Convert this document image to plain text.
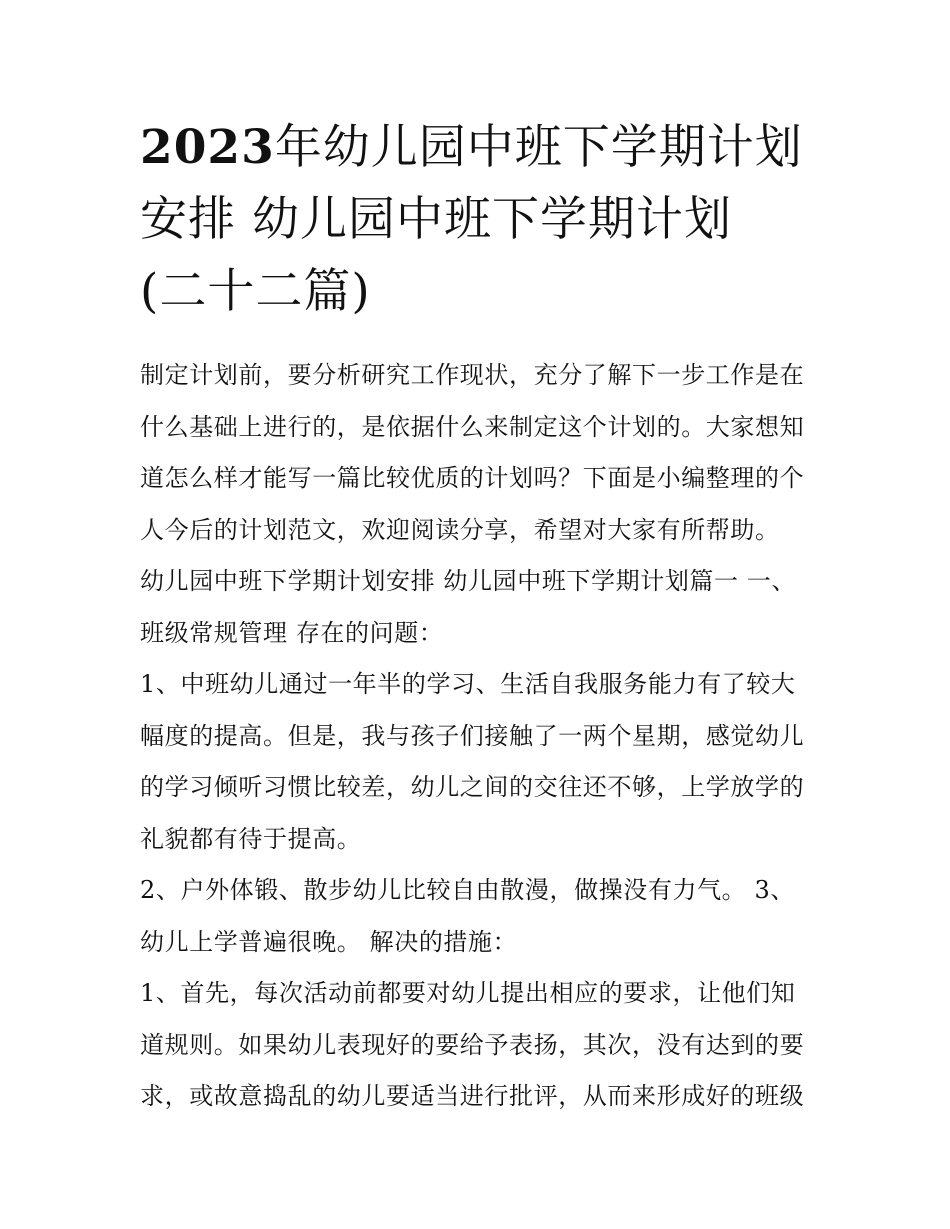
2023年幼儿园中班下学期计划
安排 幼儿园中班下学期计划
(二十二篇)

制定计划前，要分析研究工作现状，充分了解下一步工作是在
什么基础上进行的，是依据什么来制定这个计划的。大家想知
道怎么样才能写一篇比较优质的计划吗？下面是小编整理的个
人今后的计划范文，欢迎阅读分享，希望对大家有所帮助。

幼儿园中班下学期计划安排 幼儿园中班下学期计划篇一 一、
班级常规管理 存在的问题：

1、中班幼儿通过一年半的学习、生活自我服务能力有了较大
幅度的提高。但是，我与孩子们接触了一两个星期，感觉幼儿
的学习倾听习惯比较差，幼儿之间的交往还不够，上学放学的
礼貌都有待于提高。

2、户外体锻、散步幼儿比较自由散漫，做操没有力气。 3、
幼儿上学普遍很晚。 解决的措施：

1、首先，每次活动前都要对幼儿提出相应的要求，让他们知
道规则。如果幼儿表现好的要给予表扬，其次，没有达到的要
求，或故意捣乱的幼儿要适当进行批评，从而来形成好的班级
